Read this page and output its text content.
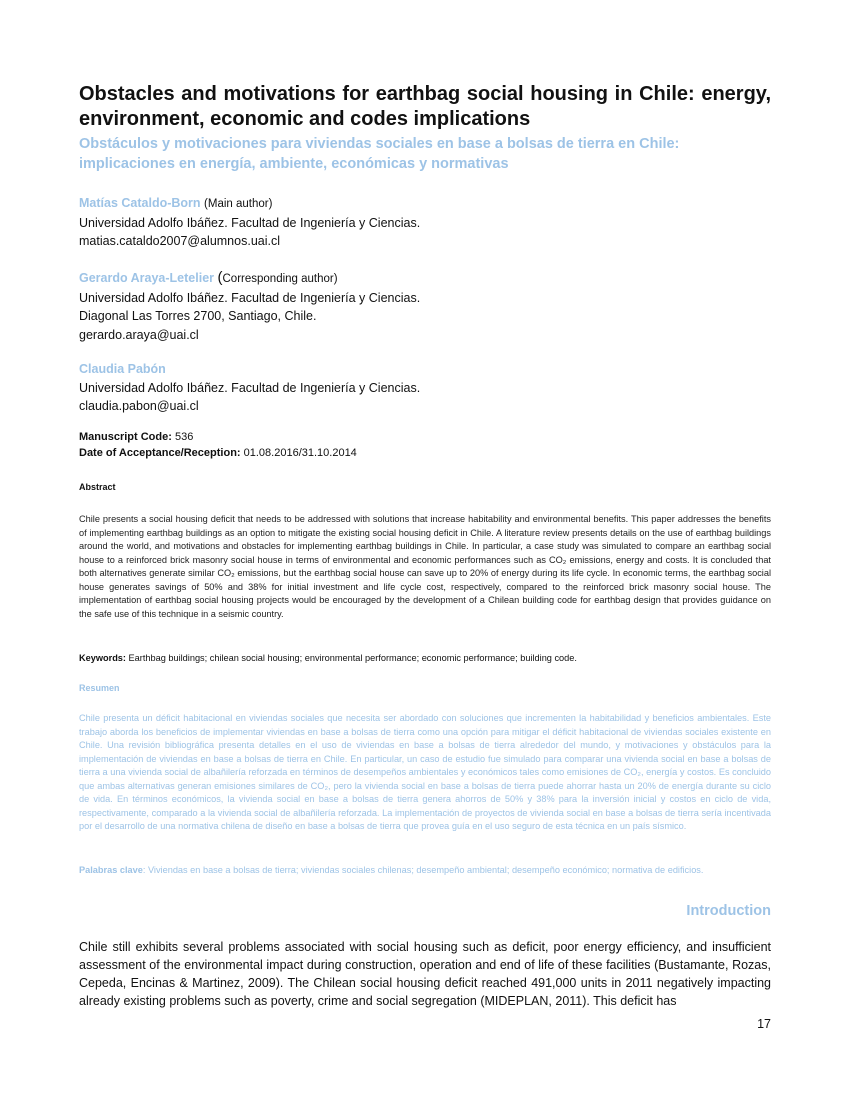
Obstacles and motivations for earthbag social housing in Chile: energy, environment, economic and codes implications
Obstáculos y motivaciones para viviendas sociales en base a bolsas de tierra en Chile: implicaciones en energía, ambiente, económicas y normativas
Matías Cataldo-Born (Main author)
Universidad Adolfo Ibáñez. Facultad de Ingeniería y Ciencias.
matias.cataldo2007@alumnos.uai.cl
Gerardo Araya-Letelier (Corresponding author)
Universidad Adolfo Ibáñez. Facultad de Ingeniería y Ciencias.
Diagonal Las Torres 2700, Santiago, Chile.
gerardo.araya@uai.cl
Claudia Pabón
Universidad Adolfo Ibáñez. Facultad de Ingeniería y Ciencias.
claudia.pabon@uai.cl
Manuscript Code: 536
Date of Acceptance/Reception: 01.08.2016/31.10.2014
Abstract
Chile presents a social housing deficit that needs to be addressed with solutions that increase habitability and environmental benefits. This paper addresses the benefits of implementing earthbag buildings as an option to mitigate the existing social housing deficit in Chile. A literature review presents details on the use of earthbag buildings around the world, and motivations and obstacles for implementing earthbag buildings in Chile. In particular, a case study was simulated to compare an earthbag social house to a reinforced brick masonry social house in terms of environmental and economic performances such as CO₂ emissions, energy and costs. It is concluded that both alternatives generate similar CO₂ emissions, but the earthbag social house can save up to 20% of energy during its life cycle. In economic terms, the earthbag social house generates savings of 50% and 38% for initial investment and life cycle cost, respectively, compared to the reinforced brick masonry social house. The implementation of earthbag social housing projects would be encouraged by the development of a Chilean building code for earthbag design that provides guidance on the safe use of this technique in a seismic country.
Keywords: Earthbag buildings; chilean social housing; environmental performance; economic performance; building code.
Resumen
Chile presenta un déficit habitacional en viviendas sociales que necesita ser abordado con soluciones que incrementen la habitabilidad y beneficios ambientales. Este trabajo aborda los beneficios de implementar viviendas en base a bolsas de tierra como una opción para mitigar el déficit habitacional de viviendas sociales existente en Chile. Una revisión bibliográfica presenta detalles en el uso de viviendas en base a bolsas de tierra alrededor del mundo, y motivaciones y obstáculos para la implementación de viviendas en base a bolsas de tierra en Chile. En particular, un caso de estudio fue simulado para comparar una vivienda social en base a bolsas de tierra a una vivienda social de albañilería reforzada en términos de desempeños ambientales y económicos tales como emisiones de CO₂, energía y costos. Es concluido que ambas alternativas generan emisiones similares de CO₂, pero la vivienda social en base a bolsas de tierra puede ahorrar hasta un 20% de energía durante su ciclo de vida. En términos económicos, la vivienda social en base a bolsas de tierra genera ahorros de 50% y 38% para la inversión inicial y costos en ciclo de vida, respectivamente, comparado a la vivienda social de albañilería reforzada. La implementación de proyectos de vivienda social en base a bolsas de tierra sería incentivada por el desarrollo de una normativa chilena de diseño en base a bolsas de tierra que provea guía en el uso seguro de esta técnica en un país sísmico.
Palabras clave: Viviendas en base a bolsas de tierra; viviendas sociales chilenas; desempeño ambiental; desempeño económico; normativa de edificios.
Introduction
Chile still exhibits several problems associated with social housing such as deficit, poor energy efficiency, and insufficient assessment of the environmental impact during construction, operation and end of life of these facilities (Bustamante, Rozas, Cepeda, Encinas & Martinez, 2009). The Chilean social housing deficit reached 491,000 units in 2011 negatively impacting already existing problems such as poverty, crime and social segregation (MIDEPLAN, 2011). This deficit has
17
